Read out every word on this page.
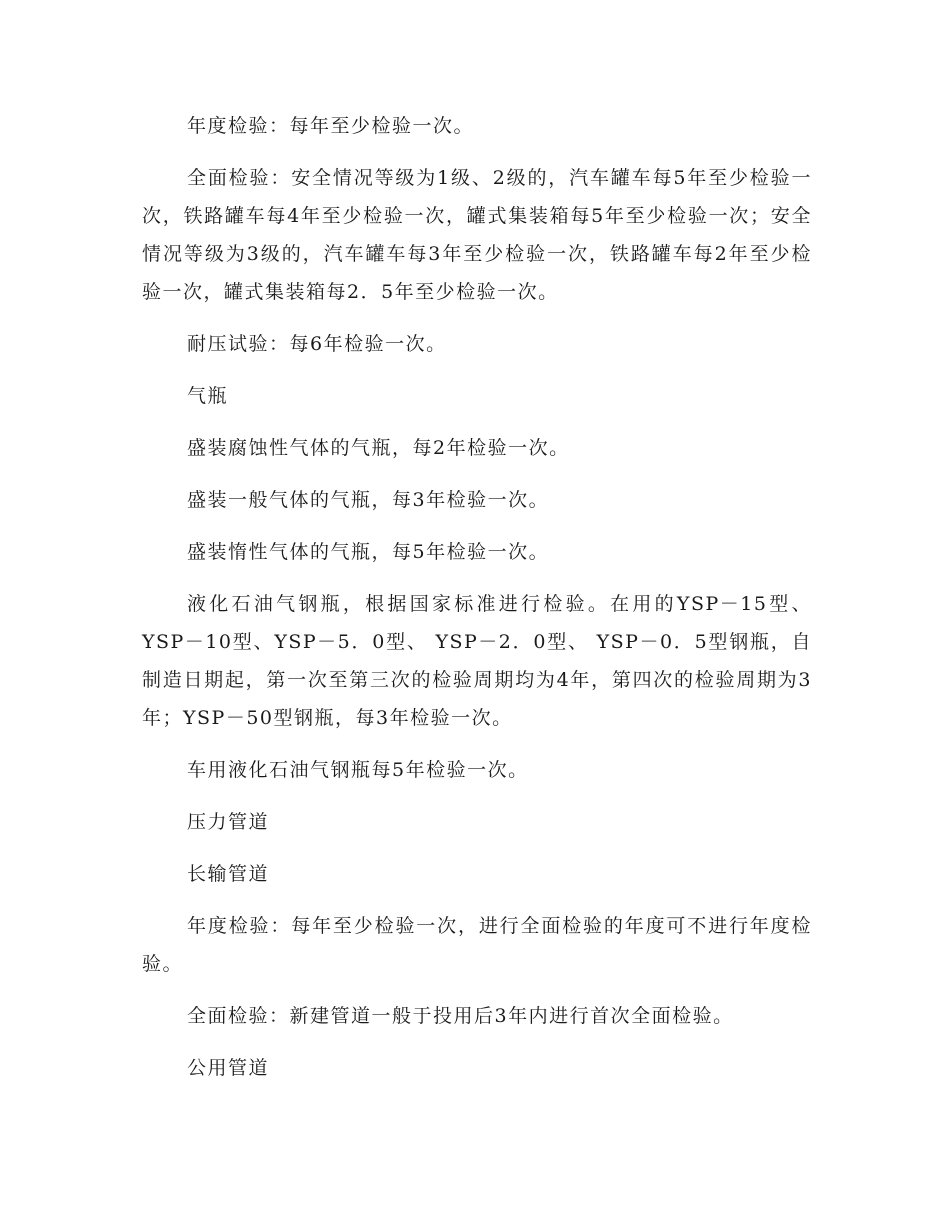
年度检验：每年至少检验一次。

全面检验：安全情况等级为1级、2级的，汽车罐车每5年至少检验一次，铁路罐车每4年至少检验一次，罐式集装箱每5年至少检验一次；安全情况等级为3级的，汽车罐车每3年至少检验一次，铁路罐车每2年至少检验一次，罐式集装箱每2．5年至少检验一次。

耐压试验：每6年检验一次。

气瓶

盛装腐蚀性气体的气瓶，每2年检验一次。

盛装一般气体的气瓶，每3年检验一次。

盛装惰性气体的气瓶，每5年检验一次。

液化石油气钢瓶，根据国家标准进行检验。在用的YSP－15型、YSP－10型、YSP－5．0型、 YSP－2．0型、 YSP－0．5型钢瓶，自制造日期起，第一次至第三次的检验周期均为4年，第四次的检验周期为3年；YSP－50型钢瓶，每3年检验一次。

车用液化石油气钢瓶每5年检验一次。

压力管道

长输管道

年度检验：每年至少检验一次，进行全面检验的年度可不进行年度检验。

全面检验：新建管道一般于投用后3年内进行首次全面检验。

公用管道
